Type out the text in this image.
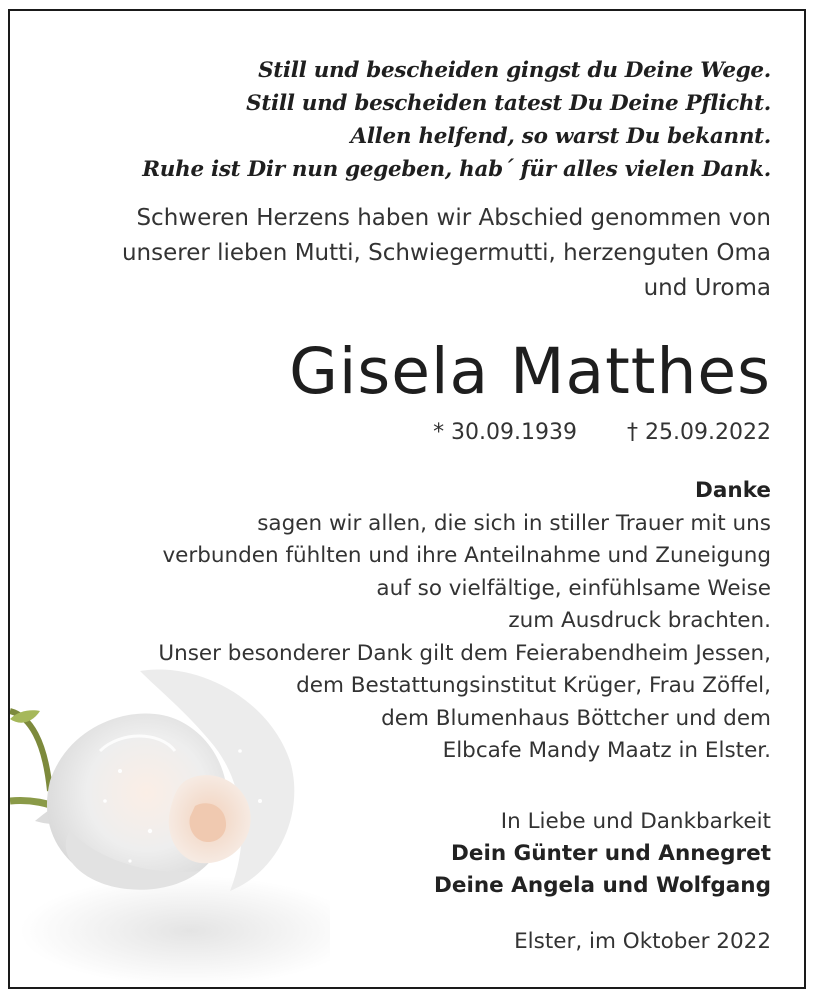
Still und bescheiden gingst du Deine Wege.
Still und bescheiden tatest Du Deine Pflicht.
Allen helfend, so warst Du bekannt.
Ruhe ist Dir nun gegeben, hab´ für alles vielen Dank.
Schweren Herzens haben wir Abschied genommen von
unserer lieben Mutti, Schwiegermutti, herzenguten Oma
und Uroma
Gisela Matthes
* 30.09.1939 † 25.09.2022
Danke
sagen wir allen, die sich in stiller Trauer mit uns
verbunden fühlten und ihre Anteilnahme und Zuneigung
auf so vielfältige, einfühlsame Weise
zum Ausdruck brachten.
Unser besonderer Dank gilt dem Feierabendheim Jessen,
dem Bestattungsinstitut Krüger, Frau Zöffel,
dem Blumenhaus Böttcher und dem
Elbcafe Mandy Maatz in Elster.
In Liebe und Dankbarkeit
Dein Günter und Annegret
Deine Angela und Wolfgang
Elster, im Oktober 2022
